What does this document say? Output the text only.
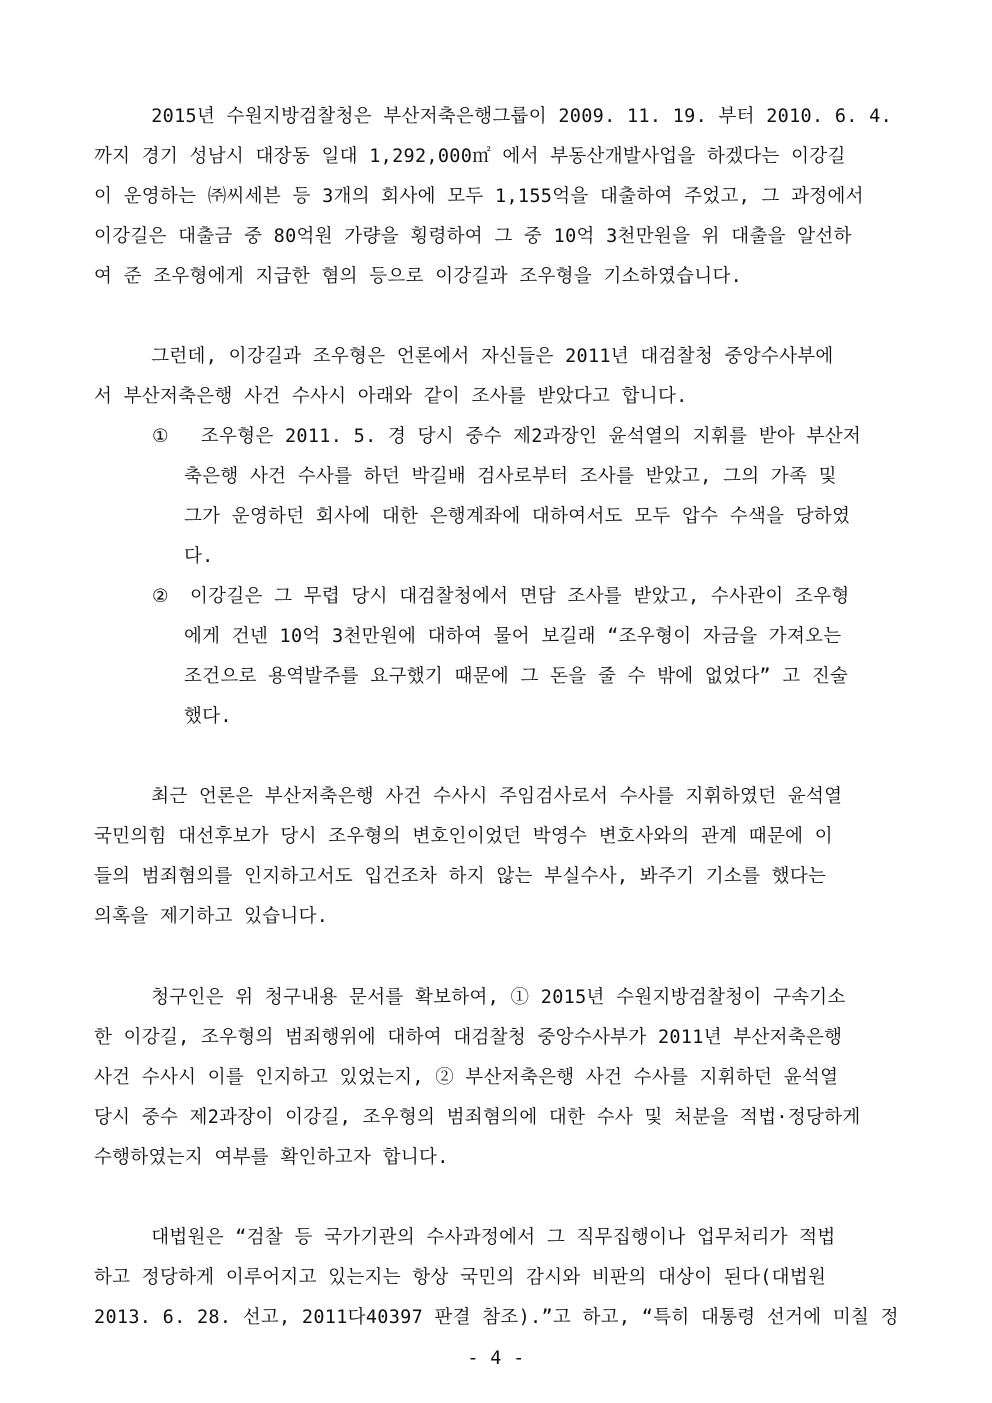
2015년 수원지방검찰청은 부산저축은행그룹이 2009. 11. 19. 부터 2010. 6. 4.
까지 경기 성남시 대장동 일대 1,292,000㎡ 에서 부동산개발사업을 하겠다는 이강길
이 운영하는 ㈜씨세븐 등 3개의 회사에 모두 1,155억을 대출하여 주었고, 그 과정에서
이강길은 대출금 중 80억원 가량을 횡령하여 그 중 10억 3천만원을 위 대출을 알선하
여 준 조우형에게 지급한 혐의 등으로 이강길과 조우형을 기소하였습니다.
그런데, 이강길과 조우형은 언론에서 자신들은 2011년 대검찰청 중앙수사부에
서 부산저축은행 사건 수사시 아래와 같이 조사를 받았다고 합니다.
① 조우형은 2011. 5. 경 당시 중수 제2과장인 윤석열의 지휘를 받아 부산저
축은행 사건 수사를 하던 박길배 검사로부터 조사를 받았고, 그의 가족 및
그가 운영하던 회사에 대한 은행계좌에 대하여서도 모두 압수 수색을 당하였
다.
② 이강길은 그 무렵 당시 대검찰청에서 면담 조사를 받았고, 수사관이 조우형
에게 건넨 10억 3천만원에 대하여 물어 보길래 “조우형이 자금을 가져오는
조건으로 용역발주를 요구했기 때문에 그 돈을 줄 수 밖에 없었다” 고 진술
했다.
최근 언론은 부산저축은행 사건 수사시 주임검사로서 수사를 지휘하였던 윤석열
국민의힘 대선후보가 당시 조우형의 변호인이었던 박영수 변호사와의 관계 때문에 이
들의 범죄혐의를 인지하고서도 입건조차 하지 않는 부실수사, 봐주기 기소를 했다는
의혹을 제기하고 있습니다.
청구인은 위 청구내용 문서를 확보하여, ① 2015년 수원지방검찰청이 구속기소
한 이강길, 조우형의 범죄행위에 대하여 대검찰청 중앙수사부가 2011년 부산저축은행
사건 수사시 이를 인지하고 있었는지, ② 부산저축은행 사건 수사를 지휘하던 윤석열
당시 중수 제2과장이 이강길, 조우형의 범죄혐의에 대한 수사 및 처분을 적법·정당하게
수행하였는지 여부를 확인하고자 합니다.
대법원은 “검찰 등 국가기관의 수사과정에서 그 직무집행이나 업무처리가 적법
하고 정당하게 이루어지고 있는지는 항상 국민의 감시와 비판의 대상이 된다(대법원
2013. 6. 28. 선고, 2011다40397 판결 참조).”고 하고, “특히 대통령 선거에 미칠 정
- 4 -
